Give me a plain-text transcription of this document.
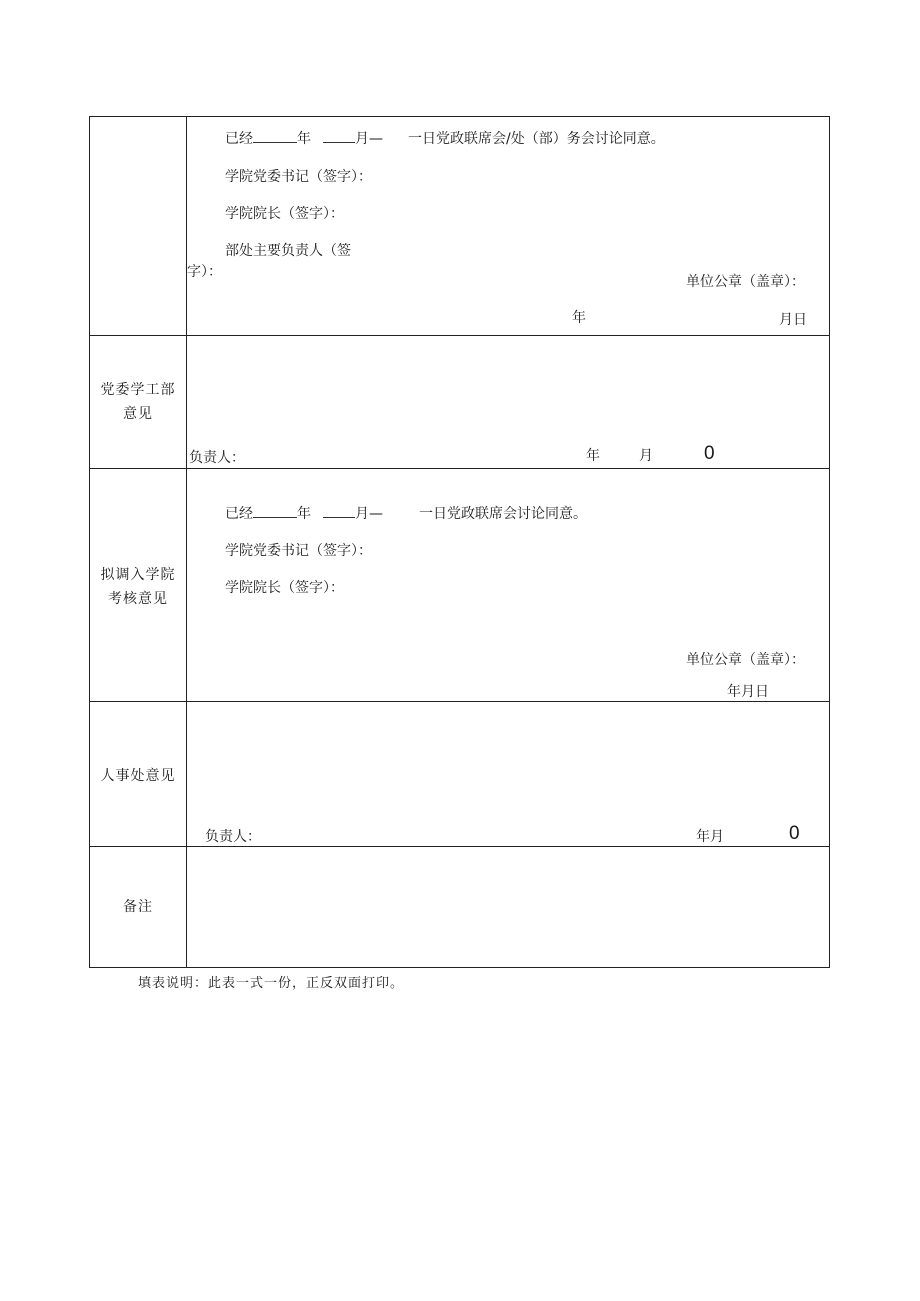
已经	年	月— 一日党政联席会/处（部）务会讨论同意。
学院党委书记（签字）：
学院院长（签字）：
部处主要负责人（签
字）：
单位公章（盖章）：
年	月日
党委学工部
意见
负责人：	年	月	0
拟调入学院
考核意见
已经	年	月—	一日党政联席会讨论同意。
学院党委书记（签字）：
学院院长（签字）：
单位公章（盖章）：
年月日
人事处意见
负责人：	年月	0
备注
填表说明：此表一式一份，正反双面打印。
